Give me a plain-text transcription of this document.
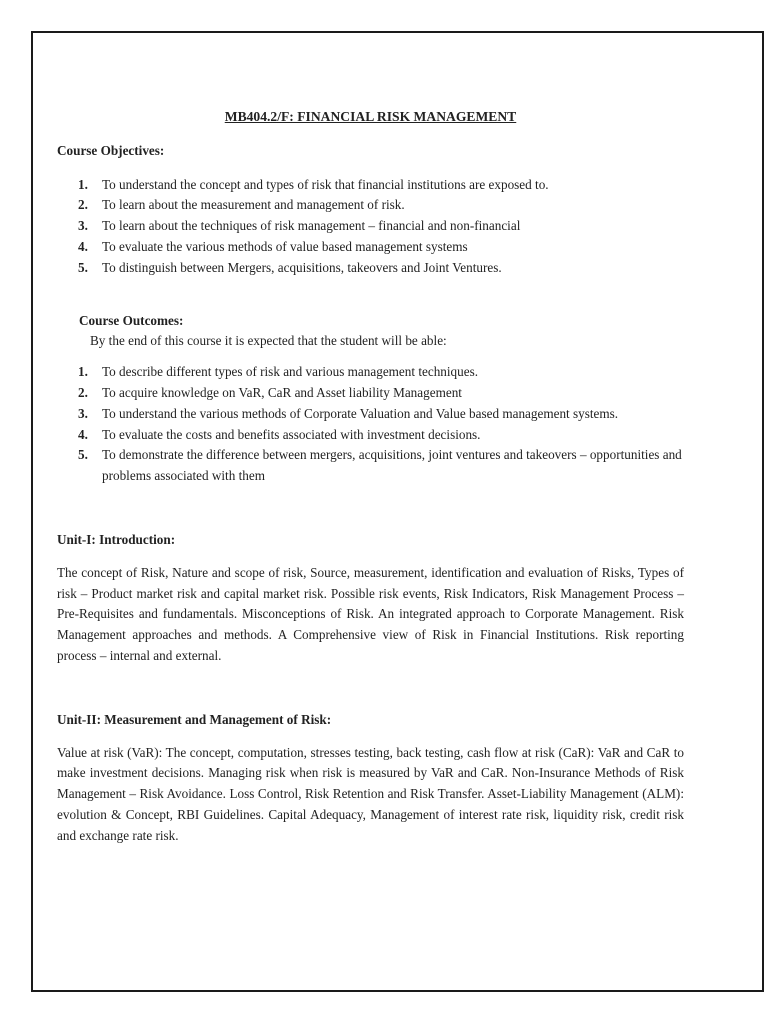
MB404.2/F: FINANCIAL RISK MANAGEMENT

Course Objectives:

1. To understand the concept and types of risk that financial institutions are exposed to.
2. To learn about the measurement and management of risk.
3. To learn about the techniques of risk management – financial and non-financial
4. To evaluate the various methods of value based management systems
5. To distinguish between Mergers, acquisitions, takeovers and Joint Ventures.

Course Outcomes:

By the end of this course it is expected that the student will be able:

1. To describe different types of risk and various management techniques.
2. To acquire knowledge on VaR, CaR and Asset liability Management
3. To understand the various methods of Corporate Valuation and Value based management systems.
4. To evaluate the costs and benefits associated with investment decisions.
5. To demonstrate the difference between mergers, acquisitions, joint ventures and takeovers – opportunities and problems associated with them

Unit-I: Introduction:

The concept of Risk, Nature and scope of risk, Source, measurement, identification and evaluation of Risks, Types of risk – Product market risk and capital market risk. Possible risk events, Risk Indicators, Risk Management Process – Pre-Requisites and fundamentals. Misconceptions of Risk. An integrated approach to Corporate Management. Risk Management approaches and methods. A Comprehensive view of Risk in Financial Institutions. Risk reporting process – internal and external.

Unit-II: Measurement and Management of Risk:

Value at risk (VaR): The concept, computation, stresses testing, back testing, cash flow at risk (CaR): VaR and CaR to make investment decisions. Managing risk when risk is measured by VaR and CaR. Non-Insurance Methods of Risk Management – Risk Avoidance. Loss Control, Risk Retention and Risk Transfer. Asset-Liability Management (ALM): evolution & Concept, RBI Guidelines. Capital Adequacy, Management of interest rate risk, liquidity risk, credit risk and exchange rate risk.
